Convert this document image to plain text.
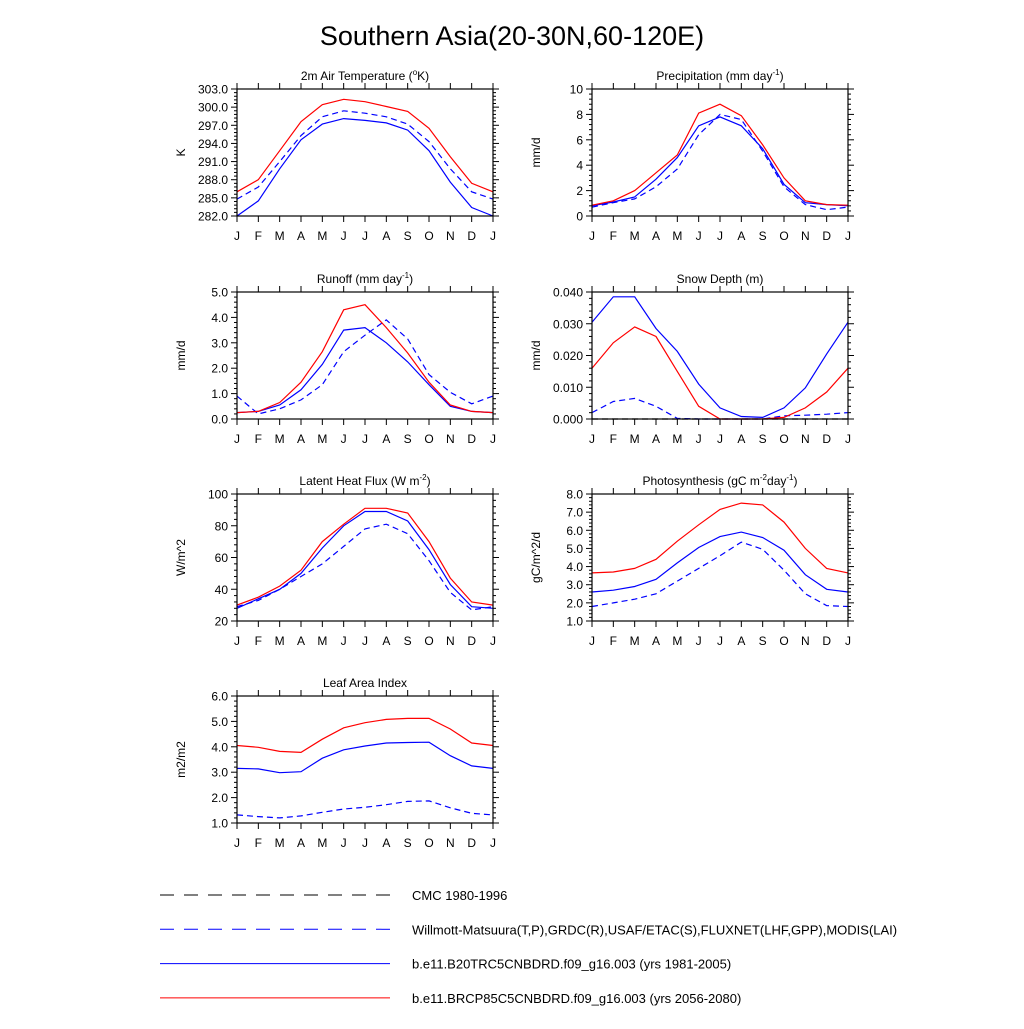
Southern Asia(20-30N,60-120E)
2m Air Temperature ($^o$K)
K
J F M A M J J A S O N D J
282.0
285.0
288.0
291.0
294.0
297.0
300.0
303.0
Precipitation (mm day$^{-1}$)
mm/d
J F M A M J J A S O N D J
0
2
4
6
8
10
Runoff (mm day$^{-1}$)
mm/d
J F M A M J J A S O N D J
0.0
1.0
2.0
3.0
4.0
5.0
Snow Depth (m)
mm/d
J F M A M J J A S O N D J
0.000
0.010
0.020
0.030
0.040
Latent Heat Flux (W $m^{-2}$)
W/m^2
J F M A M J J A S O N D J
20
40
60
80
100
Photosynthesis (gC $m^{-2}day^{-1}$)
gC/m^2/d
J F M A M J J A S O N D J
1.0
2.0
3.0
4.0
5.0
6.0
7.0
8.0
Leaf Area Index
m2/m2
J F M A M J J A S O N D J
1.0
2.0
3.0
4.0
5.0
6.0
CMC 1980-1996
Willmott-Matsuura(T,P),GRDC(R),USAF/ETAC(S),FLUXNET(LHF,GPP),MODIS(LAI)
b.e11.B20TRC5CNBDRD.f09_g16.003 (yrs 1981-2005)
b.e11.BRCP85C5CNBDRD.f09_g16.003 (yrs 2056-2080)
